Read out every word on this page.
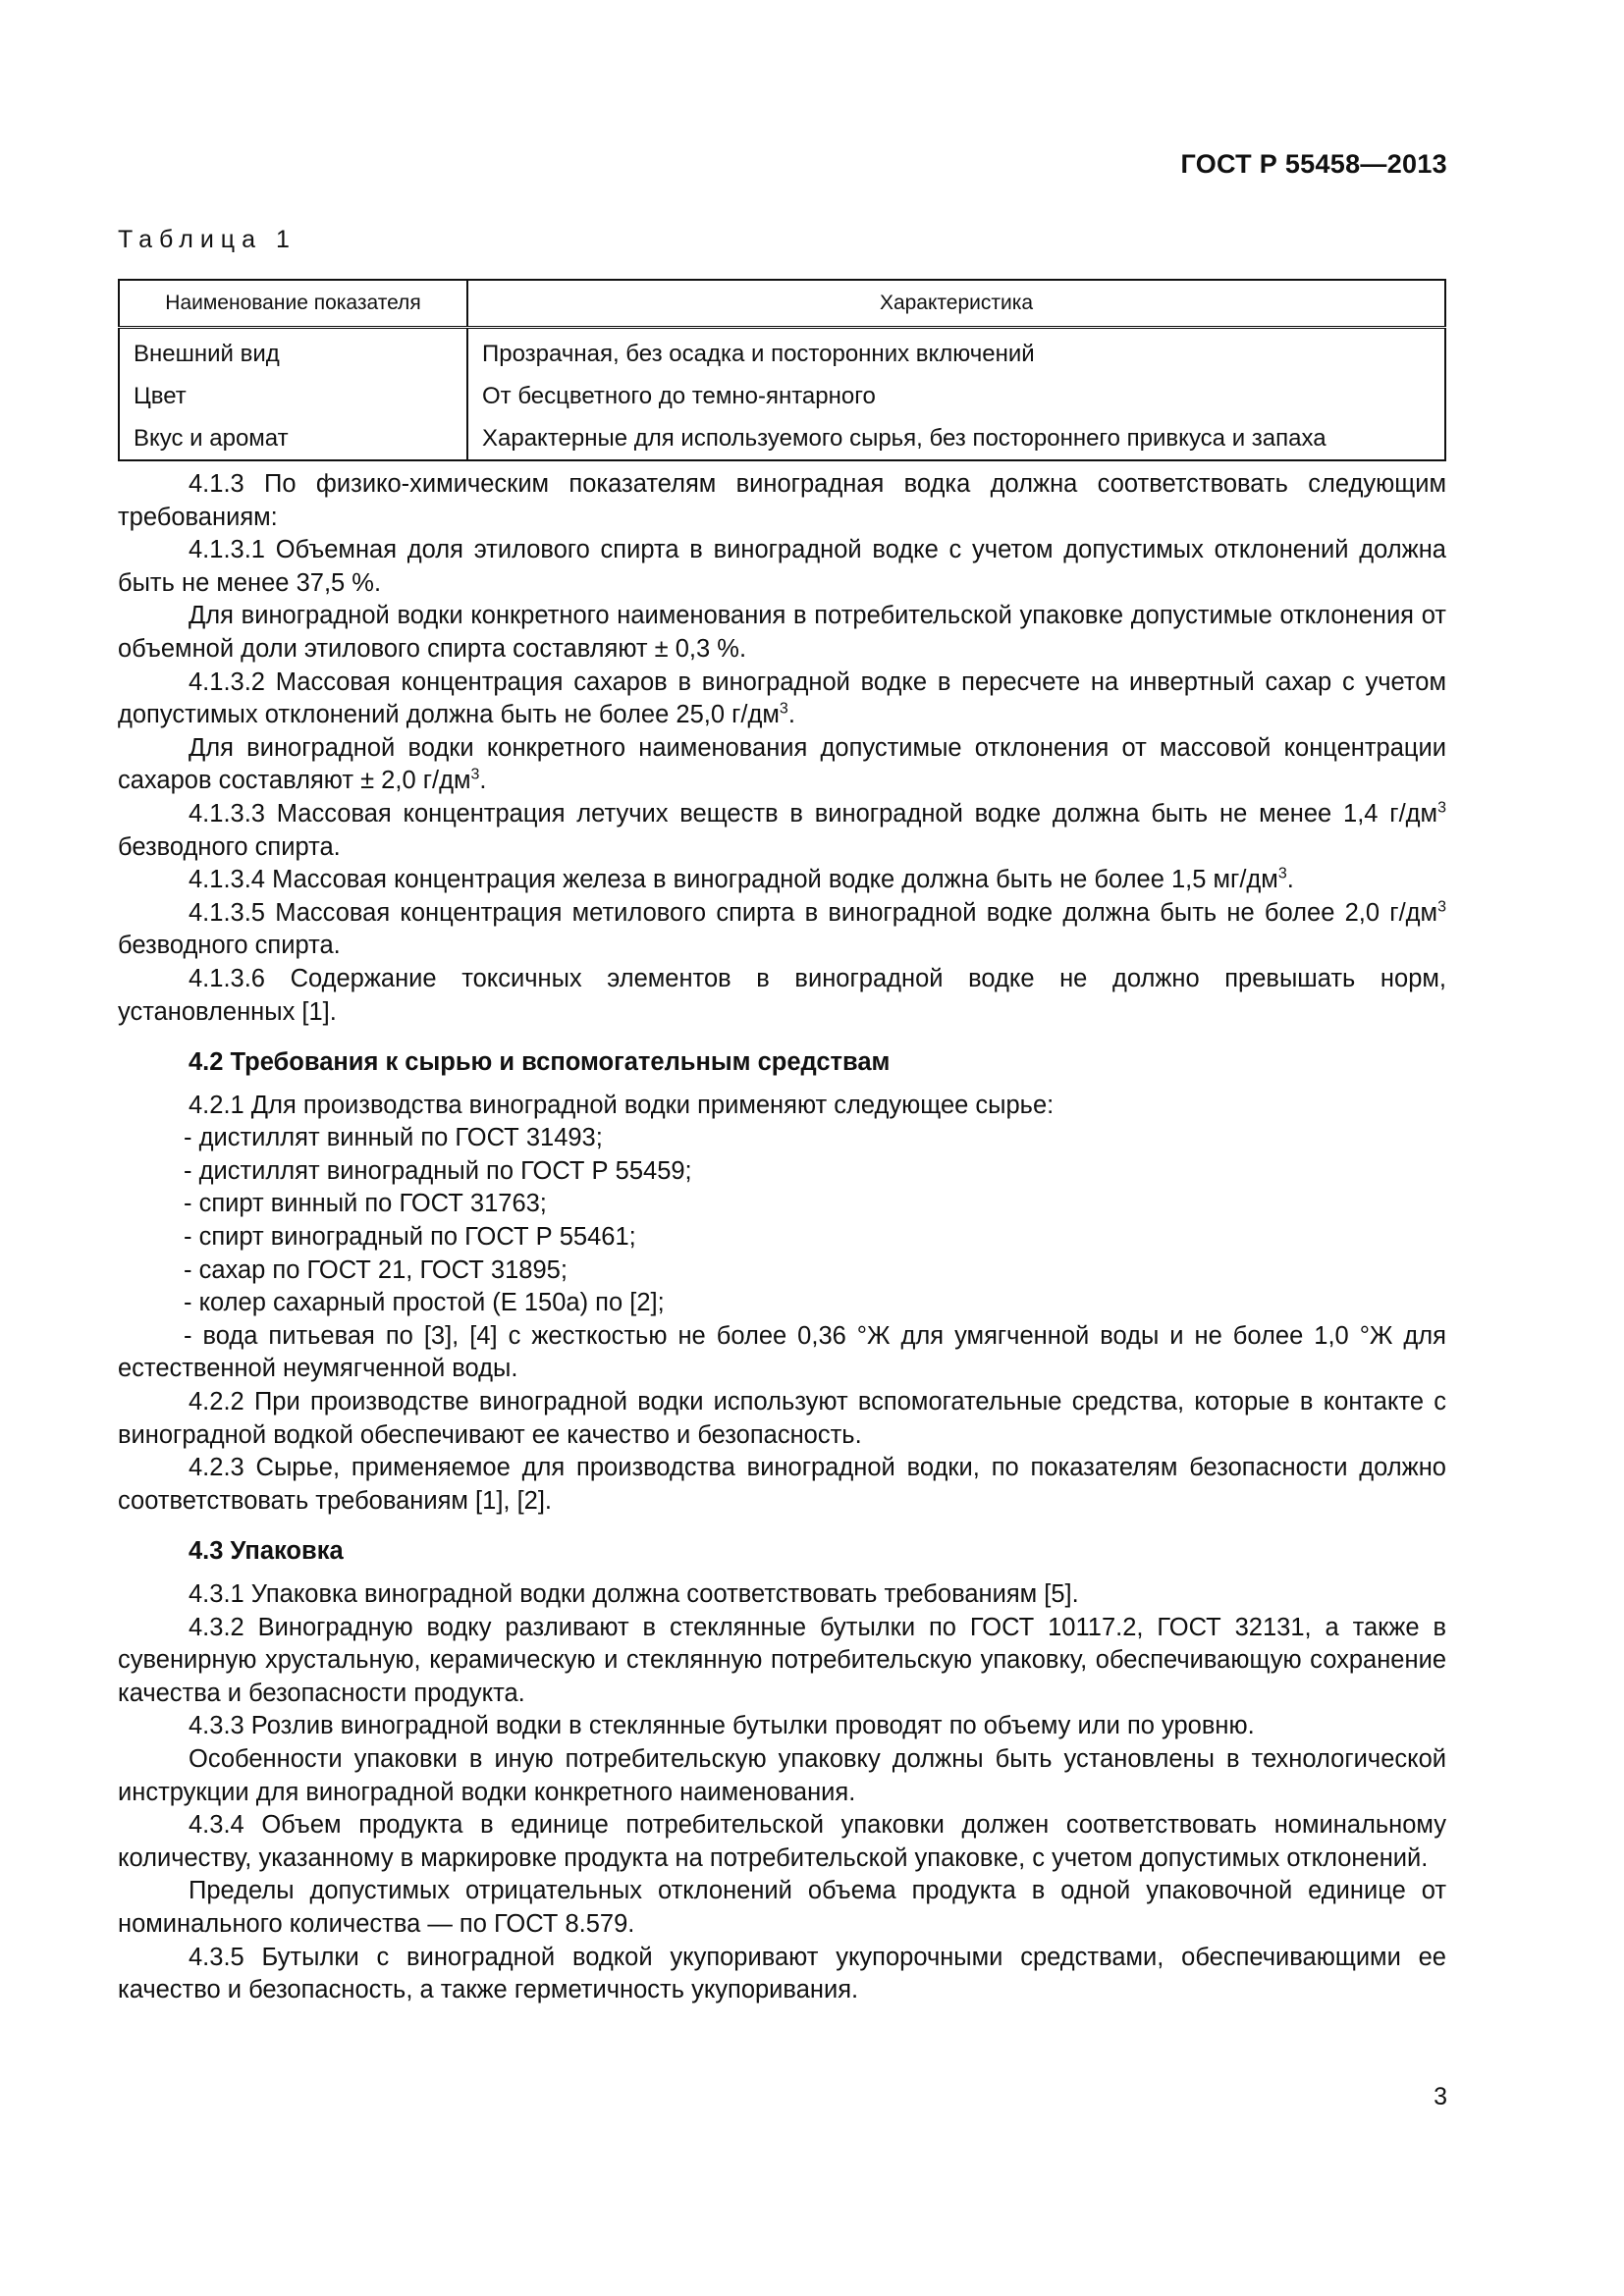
ГОСТ Р 55458—2013
Таблица 1
Наименование показателя	Характеристика
Внешний вид	Прозрачная, без осадка и посторонних включений
Цвет	От бесцветного до темно-янтарного
Вкус и аромат	Характерные для используемого сырья, без постороннего привкуса и запаха

4.1.3 По физико-химическим показателям виноградная водка должна соответствовать следующим требованиям:

4.1.3.1 Объемная доля этилового спирта в виноградной водке с учетом допустимых отклонений должна быть не менее 37,5 %.

Для виноградной водки конкретного наименования в потребительской упаковке допустимые отклонения от объемной доли этилового спирта составляют ± 0,3 %.

4.1.3.2 Массовая концентрация сахаров в виноградной водке в пересчете на инвертный сахар с учетом допустимых отклонений должна быть не более 25,0 $г/дм^3$.

Для виноградной водки конкретного наименования допустимые отклонения от массовой концентрации сахаров составляют ± 2,0 $г/дм^3$.

4.1.3.3 Массовая концентрация летучих веществ в виноградной водке должна быть не менее 1,4 $г/дм^3$ безводного спирта.

4.1.3.4 Массовая концентрация железа в виноградной водке должна быть не более 1,5 $мг/дм^3$.

4.1.3.5 Массовая концентрация метилового спирта в виноградной водке должна быть не более 2,0 $г/дм^3$ безводного спирта.

4.1.3.6 Содержание токсичных элементов в виноградной водке не должно превышать норм, установленных [1].

4.2 Требования к сырью и вспомогательным средствам

4.2.1 Для производства виноградной водки применяют следующее сырье:

- дистиллят винный по ГОСТ 31493;

- дистиллят виноградный по ГОСТ Р 55459;

- спирт винный по ГОСТ 31763;

- спирт виноградный по ГОСТ Р 55461;

- сахар по ГОСТ 21, ГОСТ 31895;

- колер сахарный простой (Е 150а) по [2];

- вода питьевая по [3], [4] с жесткостью не более 0,36 °Ж для умягченной воды и не более 1,0 °Ж для естественной неумягченной воды.

4.2.2 При производстве виноградной водки используют вспомогательные средства, которые в контакте с виноградной водкой обеспечивают ее качество и безопасность.

4.2.3 Сырье, применяемое для производства виноградной водки, по показателям безопасности должно соответствовать требованиям [1], [2].

4.3 Упаковка

4.3.1 Упаковка виноградной водки должна соответствовать требованиям [5].

4.3.2 Виноградную водку разливают в стеклянные бутылки по ГОСТ 10117.2, ГОСТ 32131, а также в сувенирную хрустальную, керамическую и стеклянную потребительскую упаковку, обеспечивающую сохранение качества и безопасности продукта.

4.3.3 Розлив виноградной водки в стеклянные бутылки проводят по объему или по уровню.

Особенности упаковки в иную потребительскую упаковку должны быть установлены в технологической инструкции для виноградной водки конкретного наименования.

4.3.4 Объем продукта в единице потребительской упаковки должен соответствовать номинальному количеству, указанному в маркировке продукта на потребительской упаковке, с учетом допустимых отклонений.

Пределы допустимых отрицательных отклонений объема продукта в одной упаковочной единице от номинального количества — по ГОСТ 8.579.

4.3.5 Бутылки с виноградной водкой укупоривают укупорочными средствами, обеспечивающими ее качество и безопасность, а также герметичность укупоривания.

3
